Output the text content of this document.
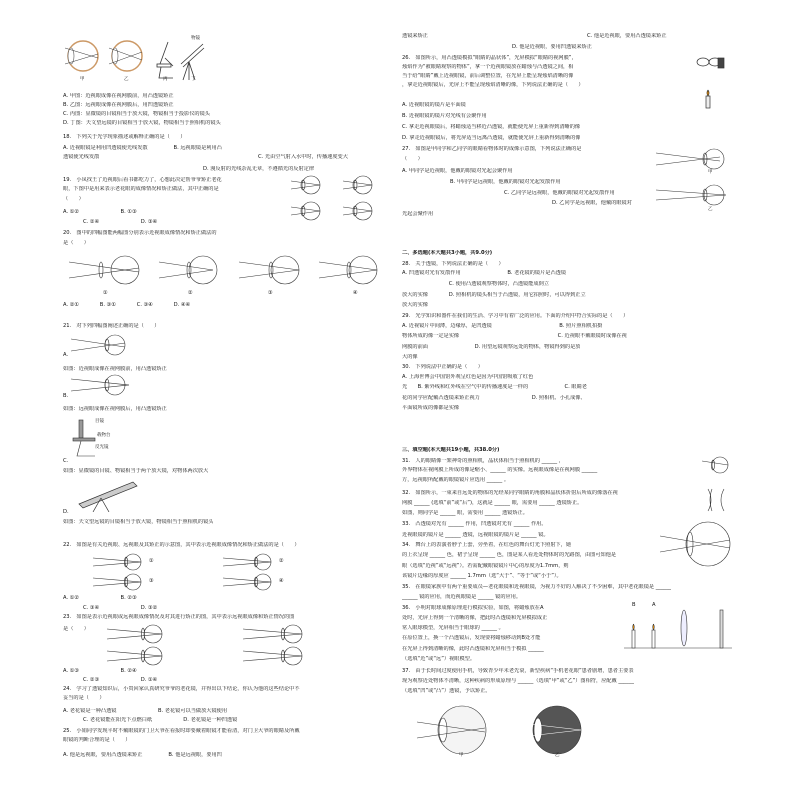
物镜
甲	乙	丙	丁
A. 甲图：近视眼成像在视网膜前，用凸透镜矫正
B. 乙图：远视眼成像在视网膜后，用凹透镜矫正
C. 丙图：显微镜的目镜相当于放大镜，物镜相当于投影仪的镜头
D. 丁图：天文望远镜的目镜相当于放大镜，物镜相当于照相机的镜头
18.　下列关于光学现象描述或解释正确的是（　　）
A. 近视眼镜是利用凹透镜使光线发散　　　　　B. 远视眼镜是利用凸
透镜使光线发散	C. 光由空气射入水中时，传播速度变大
D. 漫反射的光线杂乱无章，不遵循光的反射定律
19.　小凤找王了近视眼后看书都吃力了，心想此决定帮爷爷矫正老花
眼，下图中是用来表示老花眼的成像情况和矫正做法，其中正确的是
（　　）
A. ①②　　　　　　　　B. ①③
C. ②④　　　　　　　　D. ③④
20.　图中的四幅图能两幅图分别表示近视眼成像情况和矫正做法的
是（　　）
①	②	③	④
A. ②①　　　　B. ③①　　　　C. ③④　　　　D. ④④
21.　对下列四幅图阐述正确的是（　　）
A.
如图：近视眼成像在视网膜前，用凸透镜矫正
B.
如图：远视眼成像在视网膜后，用凸透镜矫正
目镜
载物台
反光镜
C.
如图：显微镜的目镜、物镜相当于两个放大镜，对物体两次放大
D.
如图：天文望远镜的目镜相当于放大镜，物镜相当于照相机的镜头
22.　如图是有关近视眼、远视眼及其矫正的示意图，其中表示近视眼成像情况和矫正做法的是（　　）
①	②
③	④
A. ①②　　　　　　　　B. ②③
C. ③④　　　　　　　　D. ③②
23.　如图是表示近视眼或远视眼成像情况及对其进行矫正的图，其中表示远视眼成像和矫正情况的图
是（　　）
A. ①③　　　　　　　　B. ②④
C. ②③　　　　　　　　D. ①④
24.　学习了透镜知识后，小贵回家认真研究爷爷的老花镜，并得出以下结论，你认为他的这些结论中不
妥当的是（　　）
A. 老花镜是一种凸透镜　　　　　　　　B. 老花镜可以当做放大镜使用
C. 老花镜能在阳光下点燃白纸　　　　　　D. 老花镜是一种凹透镜
25.　小娟同学发现平时不戴眼镜的门卫大爷在看报时却要戴着眼镜才能看清，对门卫大爷的眼睛及所戴
眼镜的判断合理的是（　　）
A. 他是远视眼，要用凸透镜来矫正　　　　　B. 他是远视眼，要用凹
透镜来矫正	C. 他是近视眼，要用凸透镜来矫正
D. 他是近视眼，要用凹透镜来矫正
26.　如图所示，用凸透镜模拟“眼睛的晶状体”，光屏模拟“眼睛的视网膜”，
烛焰作为“被眼睛观察的物体”，拿一个近视眼镜放在蜡烛与凸透镜之间，相
当于给“眼睛”戴上近视眼镜，前后调整位置，在光屏上能呈现烛焰清晰的像
，拿走近视眼镜后，光屏上不能呈现烛焰清晰的像，下列说法正确的是（　　）
A. 近视眼镜的镜片是平面镜
B. 近视眼镜的镜片对光线有会聚作用
C. 拿走近视眼镜后，将蜡烛适当移近凸透镜，就能使光屏上重新得到清晰的像
D. 拿走近视眼镜后，将光屏适当远离凸透镜，就能使光屏上重新得到清晰的像
27.　如图是甲同学和乙同学的眼睛看物体时的成像示意图，下列说法正确的是
（　　）
A. 甲同学是近视眼，他戴的眼镜对光起会聚作用
B. 甲同学是远视眼，他戴的眼镜对光起发散作用
C. 乙同学是远视眼，他戴的眼镜对光起发散作用
D. 乙同学是远视眼，他戴的眼镜对
光起会聚作用
甲
乙
二、多选题(本大题共3小题，共9.0分)
28.　关于透镜，下列说法正确的是（　　）
A. 凹透镜对光有发散作用　　　　　　　　　B. 老花镜的镜片是凸透镜
　　　　　　　　　C. 使用凸透镜观察物体时，凸透镜能成倒立
放大的实像　　　　D. 照相机的镜头相当于凸透镜，用它拍照时，可以得到正立
放大的实像
29.　光学知识和器件在我们的生活、学习中有着广泛的应用。下面的介绍中符合实际的是（　　）
A. 近视镜片中间薄，边缘厚，是凹透镜　　　　　　　　　　　　　B. 照片照相机拍摄
物体所成的像一定是实像　　　　　　　　　　　　　　　　　　　C. 近视眼不戴眼镜时成像在视
网膜的前面　　　　　　　　　D. 用望远镜观察远处的物体，物镜得到的是放
大的像
30.　下列说法中正确的是（　　）
A. 上海世博会中国馆外观呈红色是因为中国馆吸收了红色
光　　B. 紫外线和红外线在空气中的传播速度是一样的　　　　　　　C. 眼睛老
花的同学应配戴凸透镜来矫正视力　　　　　　　　　　D. 照相机、小孔成像、
平面镜所成的像都是实像
三、填空题(本大题共19小题，共38.0分)
31.　人的眼睛像一架神奇的照相机，晶状体相当于照相机的 ______ ，
外界物体在视网膜上所成的像是缩小、______ 的实像。远视眼成像是在视网膜 ______
方，远视眼所配戴的眼镜镜片应选用 ______ 。
32.　如图所示，一束来自远处的物体的光经某同学眼睛的角膜和晶状体折射后所成的像落在视
网膜 ______ (选填“前”或“后”)，这就是 ______ 眼，需要用 ______ 透镜矫正。
如图，则同学是 ______ 眼，需要用 ______ 透镜矫正。
33.　凸透镜对光有 ______ 作用，凹透镜对光有 ______ 作用。
近视眼镜的镜片是 ______ 透镜，远视眼镜的镜片是 ______ 镜。
34.　舞台上的表演者脖子上套，旁坐着，在红色的舞台灯光下照射下，她
的上衣呈现 ______ 色，裙子呈现 ______ 色，图是某人看近处物体时的光路图，由图可知他是
眼（选填“近视”或“远视”）。若需配戴眼镜镜片中心的厚度为1.7mm，则
该镜片边缘的厚度应 ______ 1.7mm（选“大于”、“等于”或“小于”）。
35.　在眼镜家族中有两个重要成员—老花眼镜和近视眼镜，为视力不好的人解决了不少困难，其中老花眼镜是 ______
______ 镜的应用，而近视眼镜是 ______ 镜的应用。
36.　小明对眼球成像原理进行模拟实验，如图，将蜡烛放在A
处时，光屏上得到一个清晰的像，把此时凸透镜和光屏模拟成正
常人眼球模型，光屏相当于眼球的 ______ 。
在原位置上，换一个凸透镜后，发现要将蜡烛移动到B处才能
在光屏上得到清晰的像，此时凸透镜和光屏相当于模拟 ______
（选填“近”或“远”）视眼模型。
B	A
37.　由于长时间过度使用手机，导致青少年未老先衰，新型疾病“手机老花眼”患者剧增，患者主要表
现为观察近处物体不清晰，这种疾病的形成原理与 ______（选填“甲”或“乙”）图相符，应配戴 ______
（选填“凹”或“凸”）透镜，予以矫正。
甲	乙
